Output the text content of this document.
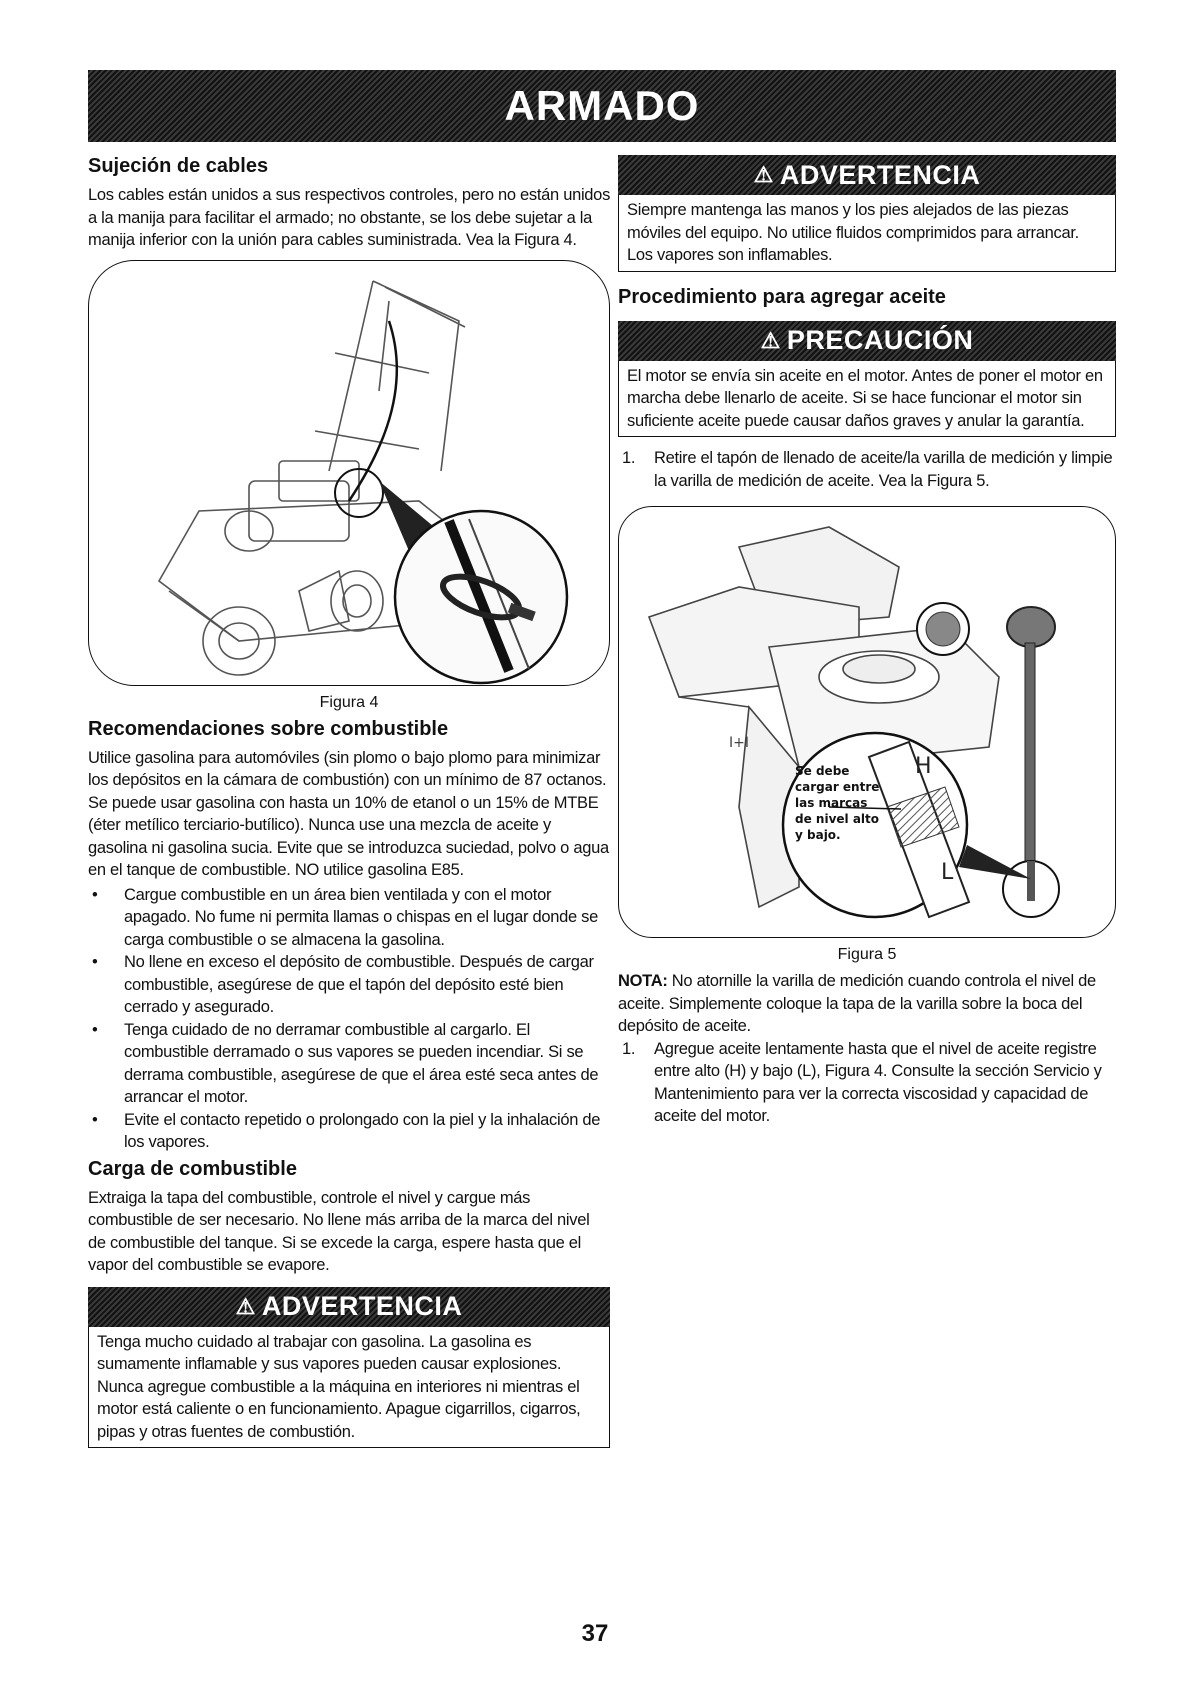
ARMADO
Sujeción de cables

Los cables están unidos a sus respectivos controles, pero no están unidos a la manija para facilitar el armado; no obstante, se los debe sujetar a la manija inferior con la unión para cables suministrada. Vea la Figura 4.

Figura 4
Recomendaciones sobre combustible

Utilice gasolina para automóviles (sin plomo o bajo plomo para minimizar los depósitos en la cámara de combustión) con un mínimo de 87 octanos. Se puede usar gasolina con hasta un 10% de etanol o un 15% de MTBE (éter metílico terciario-butílico). Nunca use una mezcla de aceite y gasolina ni gasolina sucia. Evite que se introduzca suciedad, polvo o agua en el tanque de combustible. NO utilice gasolina E85.

• Cargue combustible en un área bien ventilada y con el motor apagado. No fume ni permita llamas o chispas en el lugar donde se carga combustible o se almacena la gasolina.
• No llene en exceso el depósito de combustible. Después de cargar combustible, asegúrese de que el tapón del depósito esté bien cerrado y asegurado.
• Tenga cuidado de no derramar combustible al cargarlo. El combustible derramado o sus vapores se pueden incendiar. Si se derrama combustible, asegúrese de que el área esté seca antes de arrancar el motor.
• Evite el contacto repetido o prolongado con la piel y la inhalación de los vapores.
Carga de combustible

Extraiga la tapa del combustible, controle el nivel y cargue más combustible de ser necesario. No llene más arriba de la marca del nivel de combustible del tanque. Si se excede la carga, espere hasta que el vapor del combustible se evapore.

⚠ ADVERTENCIA

Tenga mucho cuidado al trabajar con gasolina. La gasolina es sumamente inflamable y sus vapores pueden causar explosiones. Nunca agregue combustible a la máquina en interiores ni mientras el motor está caliente o en funcionamiento. Apague cigarrillos, cigarros, pipas y otras fuentes de combustión.

⚠ ADVERTENCIA

Siempre mantenga las manos y los pies alejados de las piezas móviles del equipo. No utilice fluidos comprimidos para arrancar. Los vapores son inflamables.

Procedimiento para agregar aceite
⚠ PRECAUCIÓN

El motor se envía sin aceite en el motor. Antes de poner el motor en marcha debe llenarlo de aceite. Si se hace funcionar el motor sin suficiente aceite puede causar daños graves y anular la garantía.

1. Retire el tapón de llenado de aceite/la varilla de medición y limpie la varilla de medición de aceite. Vea la Figura 5.
I+I
H
L
Se debe
cargar entre
las marcas
de nivel alto
y bajo.
Figura 5

NOTA: No atornille la varilla de medición cuando controla el nivel de aceite. Simplemente coloque la tapa de la varilla sobre la boca del depósito de aceite.

1. Agregue aceite lentamente hasta que el nivel de aceite registre entre alto (H) y bajo (L), Figura 4. Consulte la sección Servicio y Mantenimiento para ver la correcta viscosidad y capacidad de aceite del motor.
37
